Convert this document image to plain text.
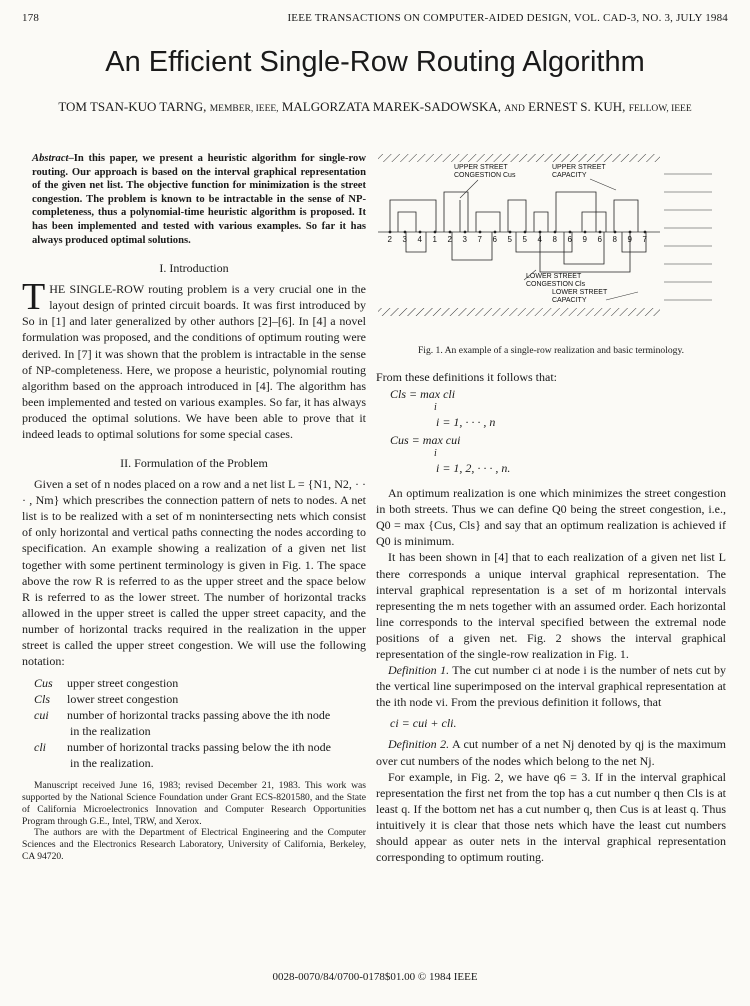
178	IEEE TRANSACTIONS ON COMPUTER-AIDED DESIGN, VOL. CAD-3, NO. 3, JULY 1984
An Efficient Single-Row Routing Algorithm
TOM TSAN-KUO TARNG, MEMBER, IEEE, MALGORZATA MAREK-SADOWSKA, AND ERNEST S. KUH, FELLOW, IEEE
Abstract–In this paper, we present a heuristic algorithm for single-row routing. Our approach is based on the interval graphical representation of the given net list. The objective function for minimization is the street congestion. The problem is known to be intractable in the sense of NP-completeness, thus a polynomial-time heuristic algorithm is proposed. It has been implemented and tested with various examples. So far it has always produced optimal solutions.
I. Introduction

THE SINGLE-ROW routing problem is a very crucial one in the layout design of printed circuit boards. It was first introduced by So in [1] and later generalized by other authors [2]–[6]. In [4] a novel formulation was proposed, and the conditions of optimum routing were derived. In [7] it was shown that the problem is intractable in the sense of NP-completeness. Here, we propose a heuristic, polynomial routing algorithm based on the approach introduced in [4]. The algorithm has been implemented and tested on various examples. So far, it has always produced the optimal solutions. We have been able to prove that it indeed leads to optimal solutions for some special cases.

II. Formulation of the Problem

Given a set of n nodes placed on a row and a net list L = {N1, N2, · · · , Nm} which prescribes the connection pattern of nets to nodes. A net list is to be realized with a set of m nonintersecting nets which consist of only horizontal and vertical paths connecting the nodes according to specification. An example showing a realization of a given net list together with some pertinent terminology is given in Fig. 1. The space above the row R is referred to as the upper street and the space below R is referred to as the lower street. The number of horizontal tracks allowed in the upper street is called the upper street capacity, and the number of horizontal tracks required in the realization in the upper street is called the upper street congestion. We will use the following notation:

Cus	upper street congestion
Cls	lower street congestion
cui	number of horizontal tracks passing above the ith node
in the realization
cli	number of horizontal tracks passing below the ith node
in the realization.

Manuscript received June 16, 1983; revised December 21, 1983. This work was supported by the National Science Foundation under Grant ECS-8201580, and the State of California Microelectronics Innovation and Computer Research Opportunities Program through G.E., Intel, TRW, and Xerox.

The authors are with the Department of Electrical Engineering and the Computer Sciences and the Electronics Research Laboratory, University of California, Berkeley, CA 94720.

2 3 4 1 2 3 7 6 5 5 4 8 6 9 6 8 9 7
UPPER STREET
CONGESTION Cus
UPPER STREET
CAPACITY
LOWER STREET
CONGESTION Cls
LOWER STREET
CAPACITY
Fig. 1. An example of a single-row realization and basic terminology.

From these definitions it follows that:

Cls = max cli
i
i = 1, · · · , n
Cus = max cui
i
i = 1, 2, · · · , n.

An optimum realization is one which minimizes the street congestion in both streets. Thus we can define Q0 being the street congestion, i.e., Q0 = max {Cus, Cls} and say that an optimum realization is achieved if Q0 is minimum.

It has been shown in [4] that to each realization of a given net list L there corresponds a unique interval graphical representation. The interval graphical representation is a set of m horizontal intervals representing the m nets together with an assumed order. Each horizontal line corresponds to the interval specified between the extremal node positions of a given net. Fig. 2 shows the interval graphical representation of the single-row realization in Fig. 1.

Definition 1. The cut number ci at node i is the number of nets cut by the vertical line superimposed on the interval graphical representation at the ith node vi. From the previous definition it follows, that

ci = cui + cli.

Definition 2. A cut number of a net Nj denoted by qj is the maximum over cut numbers of the nodes which belong to the net Nj.

For example, in Fig. 2, we have q6 = 3. If in the interval graphical representation the first net from the top has a cut number q then Cls is at least q. If the bottom net has a cut number q, then Cus is at least q. Thus intuitively it is clear that those nets which have the least cut numbers should appear as outer nets in the interval graphical representation corresponding to optimum routing.

0028-0070/84/0700-0178$01.00 © 1984 IEEE
